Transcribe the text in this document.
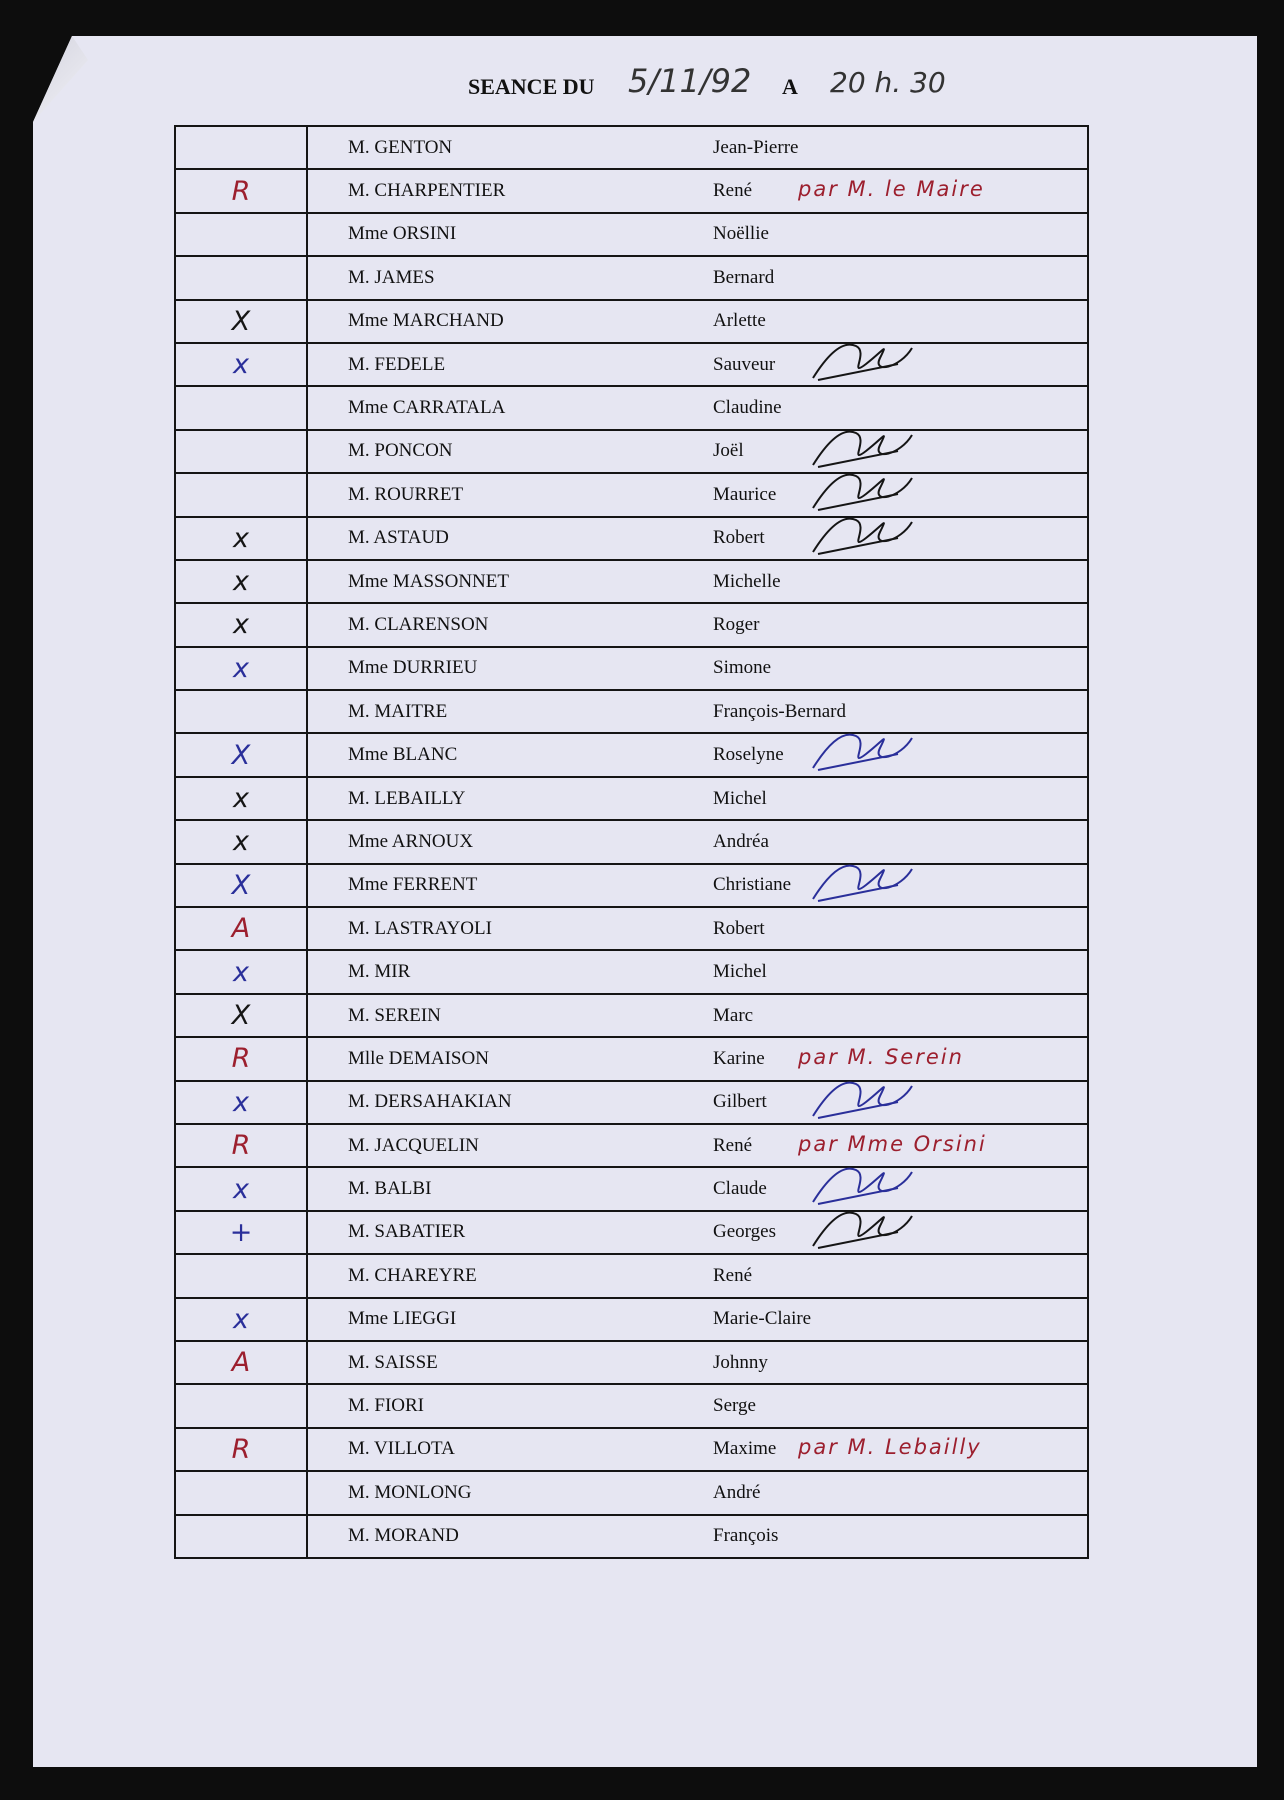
SEANCE DU 5/11/92 A 20 h. 30

	M. GENTON Jean-Pierre

R	M. CHARPENTIER René par M. le Maire

	Mme ORSINI Noëllie

	M. JAMES Bernard

X	Mme MARCHAND Arlette

x	M. FEDELE Sauveur

	Mme CARRATALA Claudine

	M. PONCON Joël

	M. ROURRET Maurice

x	M. ASTAUD Robert

x	Mme MASSONNET Michelle

x	M. CLARENSON Roger

x	Mme DURRIEU Simone

	M. MAITRE François-Bernard

X	Mme BLANC Roselyne

x	M. LEBAILLY Michel

x	Mme ARNOUX Andréa

X	Mme FERRENT Christiane

A	M. LASTRAYOLI Robert

x	M. MIR Michel

X	M. SEREIN Marc

R	Mlle DEMAISON Karine par M. Serein

x	M. DERSAHAKIAN Gilbert

R	M. JACQUELIN René par Mme Orsini

x	M. BALBI Claude

+	M. SABATIER Georges

	M. CHAREYRE René

x	Mme LIEGGI Marie-Claire

A	M. SAISSE Johnny

	M. FIORI Serge

R	M. VILLOTA Maxime par M. Lebailly

	M. MONLONG André

	M. MORAND François
